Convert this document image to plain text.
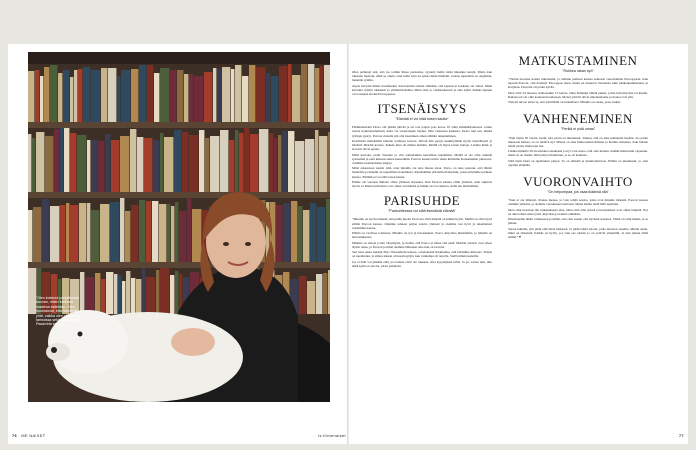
”Olen kokenut pohjattoman kaunan, miten ihmisten maailma esitetään. Olen huomannut, että häntälöitä on yhtä, vaikka olen ollut koulun tarinoissa sekä kirjoissakin”, Paasivirta kertoo.
76 ME NAISET	is.fi/menaiset

Olen pelännyt sitä, että jos toimin liikaa puolustus, syytetty heille tulisi häpeäksi surujä. Mutta kun rakastan lapsiani, ehkä se onkin, ettei tulisi suru tai pahaa mieli mieltäni. Joskus lapselleni on ongelmia, menetän rytmin.

Arjesi kasvatti minut itsenäiseksi. Kasvatettiin omaan elämään, että lapseni ei koskaan ota valtaa. Minä kasvatin tyttöjä rohkeiksi ja ymmärtäväisiksi. Minä olen jo vanhuudessani ja aina kyllä. Kaikki lapseni ovat asuneet Koski-Eurooppassa.

ITSENÄISYYS
”Elämää ei voi elää toisen kautta”

Pääministerinä Paavo etti pitkää päivää ja oli tosi paljon pois kotoa. Ei siinä elämäntilanteessa voinut ruveta kouluaistelemaan, kuka vie vuokranajan täyden. Olin vastuussa kaikesta, Paavo teki sen, minkä tyttöjen pystyi. Paavon rinnalla piti olla itsenäinen oman elämän rakentaminen.

Kestävistä mahdollisti hänelle työnteon kotona. Siltoin hän pystyi keskittymään hyvin täydellisesti ja lehdistö illistäni kotona. Kaikki muu oli minun heinäni. Meillä oli myös lasten hoitaja. Lisäksi äitini ja isovarit olivat apuna.

Minä kasvoin, pidin Suomen ja olin aamuisinkin kerrallaan tekemässä. Meillä ei ole ollut selkeää systeemiä ja ettei kukaan eniten kenestäkin. Paavon kanssa kävin usein kävimme Kaisaniemen puistossa, ostimme tuomaisiahan lahjoja.

Minä oikeastaan nautin siitä, ettei minulla ole aina muuta asiaa. Paavo on aina sanonut, että lähtisi matkoille ja hänellä on tarpeellista kokemusta. Ryntäsimme erilaisiin tilanteisiin, joissa kävimme perheen kanssa. Elämää ei voi elää toisen kautta.

Emme ole vuosien mittaan olleet yhdessä tarpeeksi. Kun Paavon kanssa oltiin yhdessä, asiat sujuivat hyvin. Ja hänen tuttavansa ovat olleet arvokkaita ja kaikki osa Loviisassa, siellä me muistamme.

PARISUHDE
”Parisuhteessa voi elää itsenäistä elämää”

”Minulle on hyvin tärkeää, että pidän huolta Paavosta. Että hänellä on kaikki hyvin. Meillä on ollut hyvä elämä Paavon kanssa. Olemme tehneet paljon asioita yhdessä ja olemme tosi hyvä ja tekemisissä toisiemme kanssa.

Elämä on vaativaa toisinaan. Minulla on työ ja harrastukset. Paavo kirjoittaa muistelmia, ja hänellä on harrastuksensa.

Minulla on tietoja jotain väsymystä, ja tiedän, että Paavo ei halua sitä enää. Meidän ystävät ovat olleet täysin omaa, ja Paavon ja minä olemme lähteneet aina kun on tarvetta.

Sen tuon ensin keksijä Pirjo Wesanderin kanssa, ortodoksisiä Raamattua, että kävimme kirkossa. Paljon on tapahtunut, ja siihen aikaan oli kasvissyöjiä, kun vanhempi oli tarjolla. Siellä mökin kuistilla.

Jos ei näin voi pitkään elää, jos tunteet eivät ole rakkaus, ettei kysymykset tulisi. Ja jos vastaa niin, niin ehkä kyllä on asioita, joista puhutaan.

MATKUSTAMINEN
”Rohkea rakan syö”

”Viettin nuorena koulut ulkomailla, ja toimme perheen kanssa aamaton vauvaiamme Eurooppaan. Kun tapasin Paavon, olin hoitanyt Eurooppaa maat, mutta en tunnevat Suomesta kuin pääkaupunkiseutua ja Karjalan. Paavolla oli jotain hyvää.

Olen ollut 54 maassa, Kiinassakin 15 kertaa. Olen halunnut nähdä paikat, joista luin kirjoista tai kuulin. Rahasta en ole ollut koskaan huolissaan. Monet ystävät olivat ulkomaalaisia ja monet ovat yhä.

Tietysti turvaa antaa se, että ystävilläni on kokemusta. Minulla on ruoka, josta nautin.

VANHENEMINEN
”Perikä ei pidä omaa”

”Kun täytin 50 vuotta, tiesin, että jotain on muuttunut. Tuntuu, että on aika kuunnella itseään. Jos jotain muutosta haluaa, se on tehtävä nyt. Minua on aina kiinnostanut ihmiset ja heidän tarinansa. Kun haluan tehdä jotain, minä teen sen.

Lisäksi minulla 50-vuotiaiden osuuksista ja nyt voin sanoa, että olen iloinen. Kaikki ikään kuin vapautuu, mutta se on matka. Olin paljon muuttunut, ja se oli kaunista.

Siltä tässä iässä on tapahtunut paljon. Se on tärkeää ja kunnioitettavaa. Elämä on muuttunut, ja olen oppinut elämään.

VUORONVAIHTO
”On helpompaa, jos osaa ikäänsä olla”

”Kun ei ole lähtenyt, tilanne menee, ja voin tehdä asioita, jotka ovat minulle tärkeitä. Paavon kanssa olemme yhdessä, ja olemme varautuneet tulevaan. Mutta emme tiedä mitä tapahtuu.

Olen ollut tietoinen iän vaikutuksesta aina. Olen ollut aina työssä ja harrastukset ovat olleet tärkeitä. Nyt on aika tehdä omaa työtä, kirjoittaa ja nauttia elämästä.

Ilmoittaudun tähän vaiheeseen ja kiitän, että olen saanut olla hyvässä seurassa. Tämä on ollut matka, ja se jatkuu.

Sanon kaikille, että pitää elää tässä hetkessä. Ja pitää tehdä asioita, jotka tuntuvat oikeilta. Mietin usein, mikä on tärkeintä. Kaikki on hyvin, jos vain saa rauhan ja on ystäviä ympärillä. Ja niin jatkuu tämä elämä.” ♥

77
